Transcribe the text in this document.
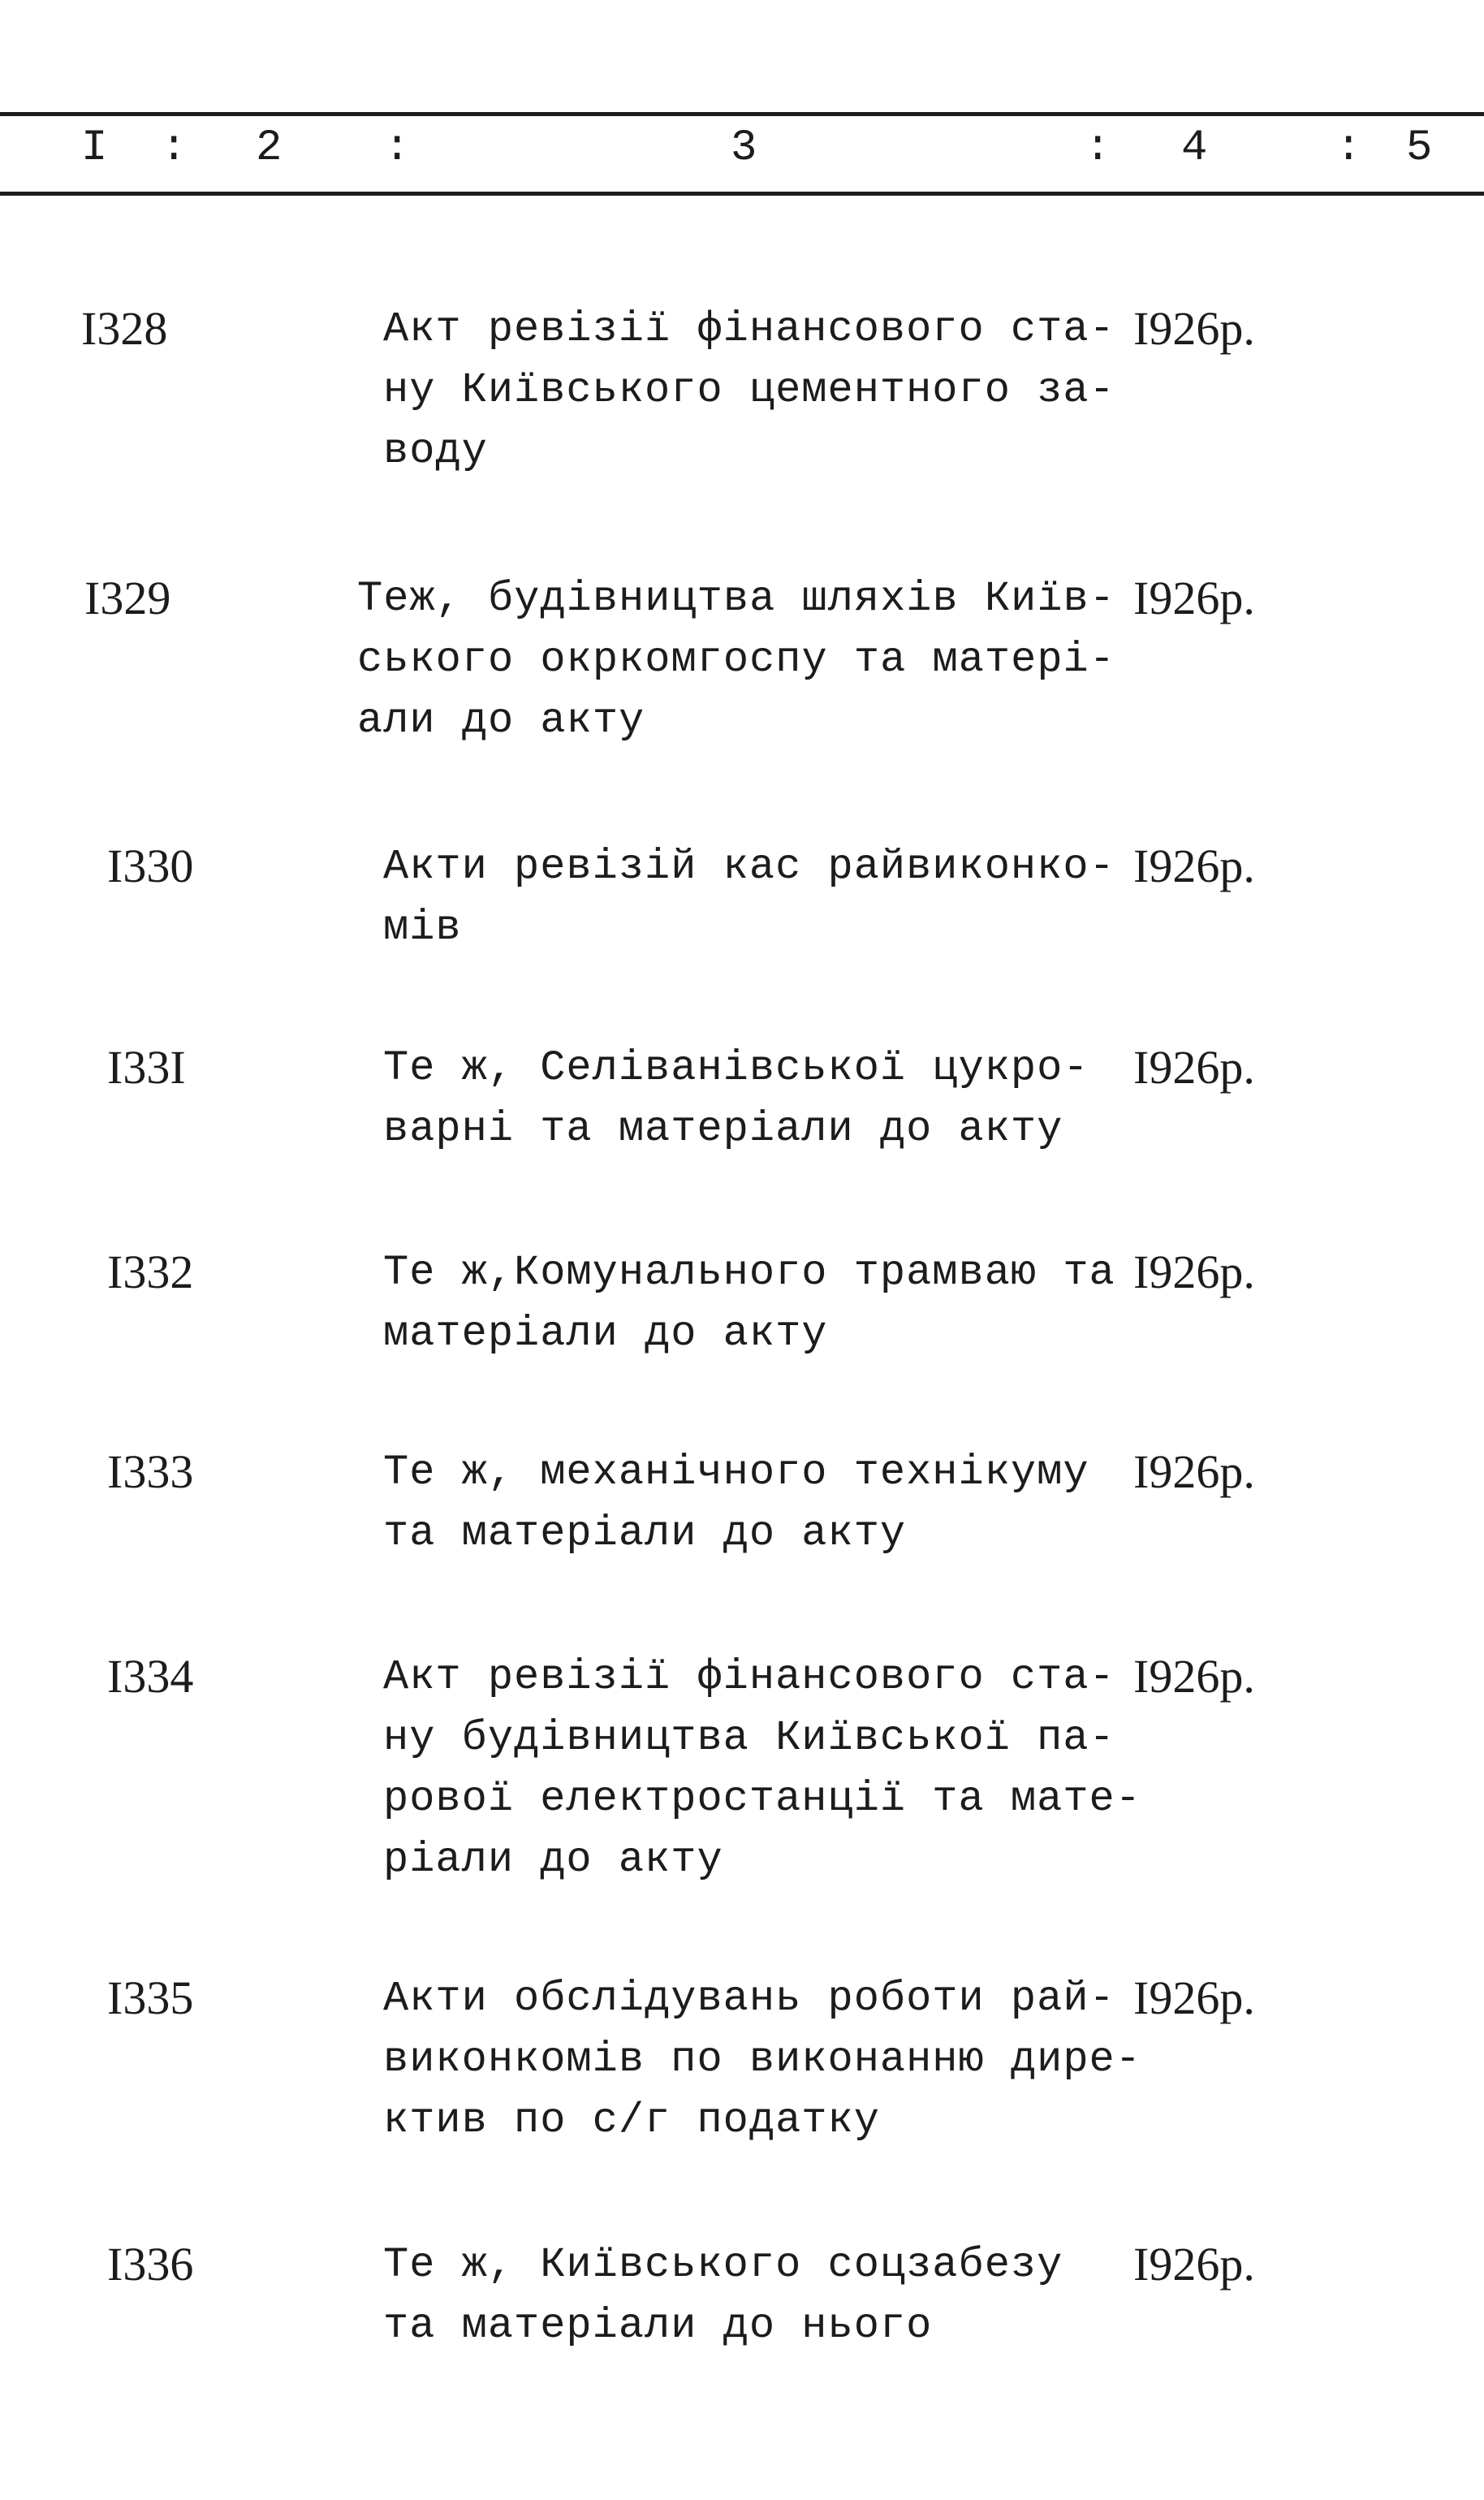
I : 2 :	3	: 4	: 5
I328	Акт ревізії фінансового ста-
ну Київського цементного за-
воду
I926р.
I329	Теж, будівництва шляхів Київ-
ського окркомгоспу та матері-
али до акту
I926р.
I330	Акти ревізій кас райвиконко-
мів
I926р.
I33I	Те ж, Селіванівської цукро-
варні та матеріали до акту
I926р.
I332	Те ж,Комунального трамваю та
матеріали до акту
I926р.
I333	Те ж, механічного технікуму
та матеріали до акту
I926р.
I334	Акт ревізії фінансового ста-
ну будівництва Київської па-
рової електростанції та мате-
ріали до акту
I926р.
I335	Акти обслідувань роботи рай-
виконкомів по виконанню дире-
ктив по с/г податку
I926р.
I336	Те ж, Київського соцзабезу
та матеріали до нього
I926р.
